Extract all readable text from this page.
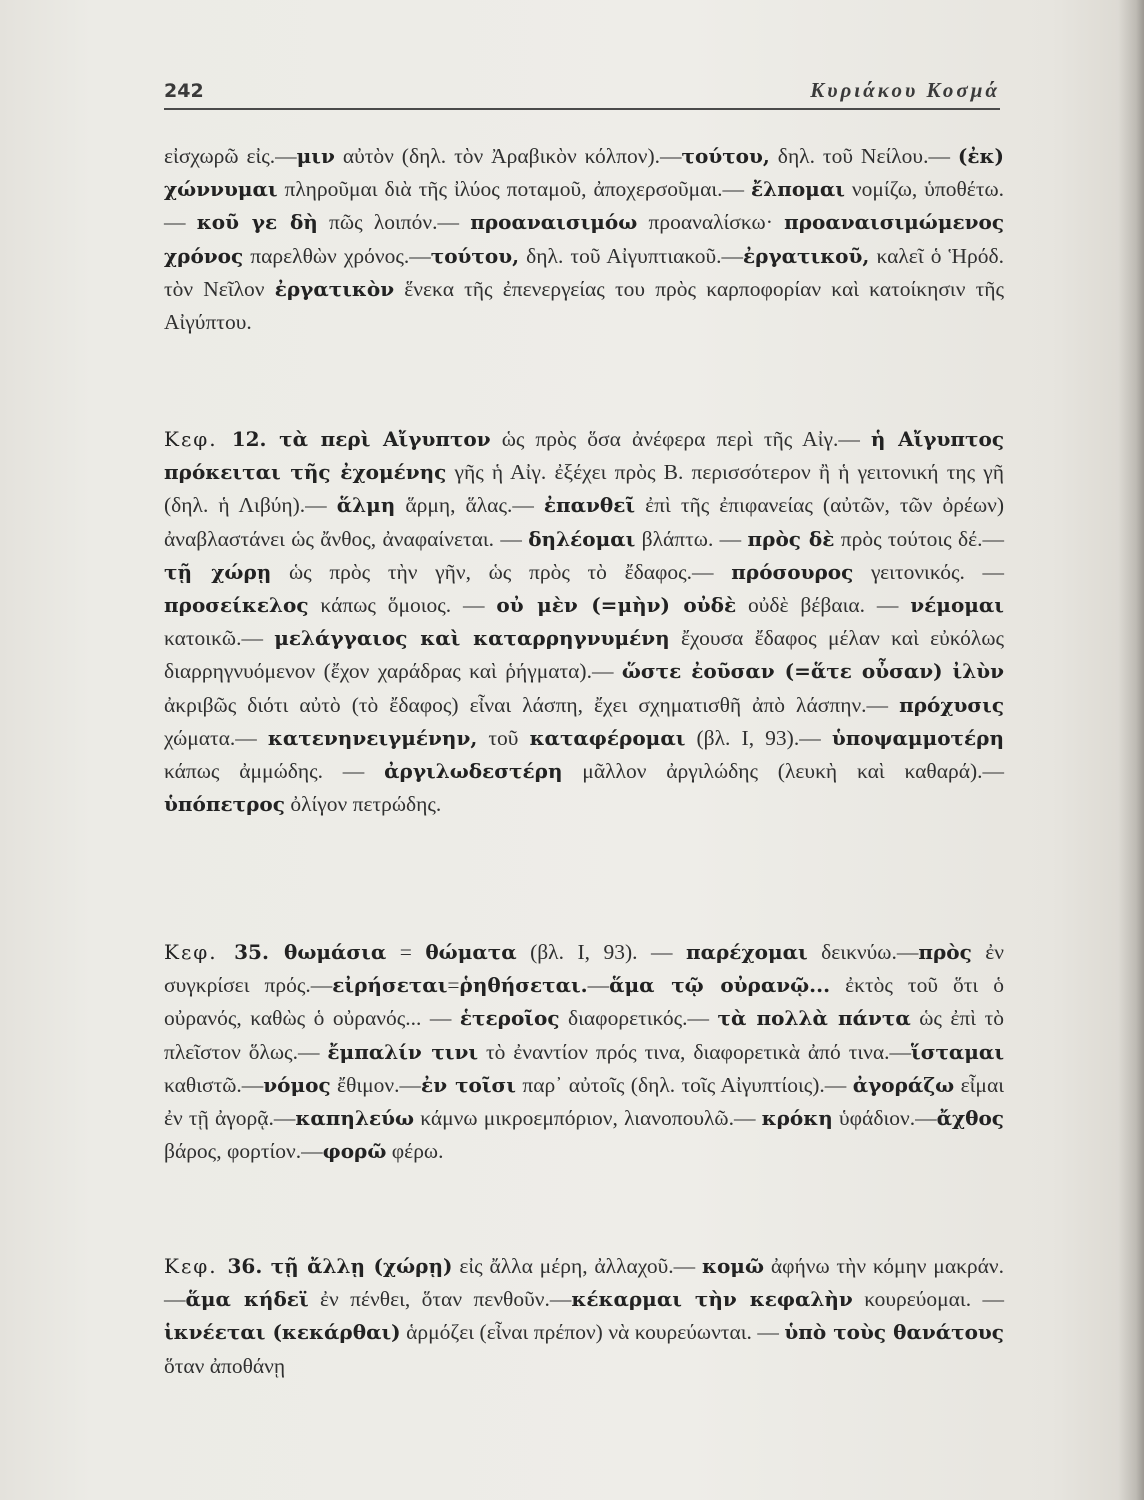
242	Κυριάκου Κοσμά

εἰσχωρῶ εἰς.—μιν αὐτὸν (δηλ. τὸν Ἀραβικὸν κόλπον).—τούτου, δηλ. τοῦ Νείλου.— (ἐκ) χώννυμαι πληροῦμαι διὰ τῆς ἰλύος ποταμοῦ, ἀποχερσοῦμαι.— ἔλπομαι νομίζω, ὑποθέτω.— κοῦ γε δὴ πῶς λοιπόν.— προαναισιμόω προαναλίσκω· προαναισιμώμενος χρόνος παρελθὼν χρόνος.—τούτου, δηλ. τοῦ Αἰγυπτιακοῦ.—ἐργατικοῦ, καλεῖ ὁ Ἡρόδ. τὸν Νεῖλον ἐργατικὸν ἕνεκα τῆς ἐπενεργείας του πρὸς καρποφορίαν καὶ κατοίκησιν τῆς Αἰγύπτου.

Κεφ. 12. τὰ περὶ Αἴγυπτον ὡς πρὸς ὅσα ἀνέφερα περὶ τῆς Αἰγ.— ἡ Αἴγυπτος πρόκειται τῆς ἐχομένης γῆς ἡ Αἰγ. ἐξέχει πρὸς Β. περισσότερον ἢ ἡ γειτονική της γῆ (δηλ. ἡ Λιβύη).— ἅλμη ἅρμη, ἅλας.— ἐπανθεῖ ἐπὶ τῆς ἐπιφανείας (αὐτῶν, τῶν ὀρέων) ἀναβλαστάνει ὡς ἄνθος, ἀναφαίνεται. — δηλέομαι βλάπτω. — πρὸς δὲ πρὸς τούτοις δέ.— τῇ χώρῃ ὡς πρὸς τὴν γῆν, ὡς πρὸς τὸ ἔδαφος.— πρόσουρος γειτονικός. — προσείκελος κάπως ὅμοιος. — οὐ μὲν (=μὴν) οὐδὲ οὐδὲ βέβαια. — νέμομαι κατοικῶ.— μελάγγαιος καὶ καταρρηγνυμένη ἔχουσα ἔδαφος μέλαν καὶ εὐκόλως διαρρηγνυόμενον (ἔχον χαράδρας καὶ ῥήγματα).— ὥστε ἐοῦσαν (=ἅτε οὖσαν) ἰλὺν ἀκριβῶς διότι αὐτὸ (τὸ ἔδαφος) εἶναι λάσπη, ἔχει σχηματισθῆ ἀπὸ λάσπην.— πρόχυσις χώματα.— κατενηνειγμένην, τοῦ καταφέρομαι (βλ. Ι, 93).— ὑποψαμμοτέρη κάπως ἀμμώδης. — ἀργιλωδεστέρη μᾶλλον ἀργιλώδης (λευκὴ καὶ καθαρά).—ὑπόπετρος ὀλίγον πετρώδης.

Κεφ. 35. θωμάσια = θώματα (βλ. Ι, 93). — παρέχομαι δεικνύω.—πρὸς ἐν συγκρίσει πρός.—εἰρήσεται=ῥηθήσεται.—ἅμα τῷ οὐρανῷ... ἐκτὸς τοῦ ὅτι ὁ οὐρανός, καθὼς ὁ οὐρανός... — ἑτεροῖος διαφορετικός.— τὰ πολλὰ πάντα ὡς ἐπὶ τὸ πλεῖστον ὅλως.— ἔμπαλίν τινι τὸ ἐναντίον πρός τινα, διαφορετικὰ ἀπό τινα.—ἵσταμαι καθιστῶ.—νόμος ἔθιμον.—ἐν τοῖσι παρ᾽ αὐτοῖς (δηλ. τοῖς Αἰγυπτίοις).— ἀγοράζω εἶμαι ἐν τῇ ἀγορᾷ.—καπηλεύω κάμνω μικροεμπόριον, λιανοπουλῶ.— κρόκη ὑφάδιον.—ἄχθος βάρος, φορτίον.—φορῶ φέρω.

Κεφ. 36. τῇ ἄλλῃ (χώρῃ) εἰς ἄλλα μέρη, ἀλλαχοῦ.— κομῶ ἀφήνω τὴν κόμην μακράν.—ἅμα κήδεϊ ἐν πένθει, ὅταν πενθοῦν.—κέκαρμαι τὴν κεφαλὴν κουρεύομαι. — ἱκνέεται (κεκάρθαι) ἁρμόζει (εἶναι πρέπον) νὰ κουρεύωνται. — ὑπὸ τοὺς θανάτους ὅταν ἀποθάνῃ
